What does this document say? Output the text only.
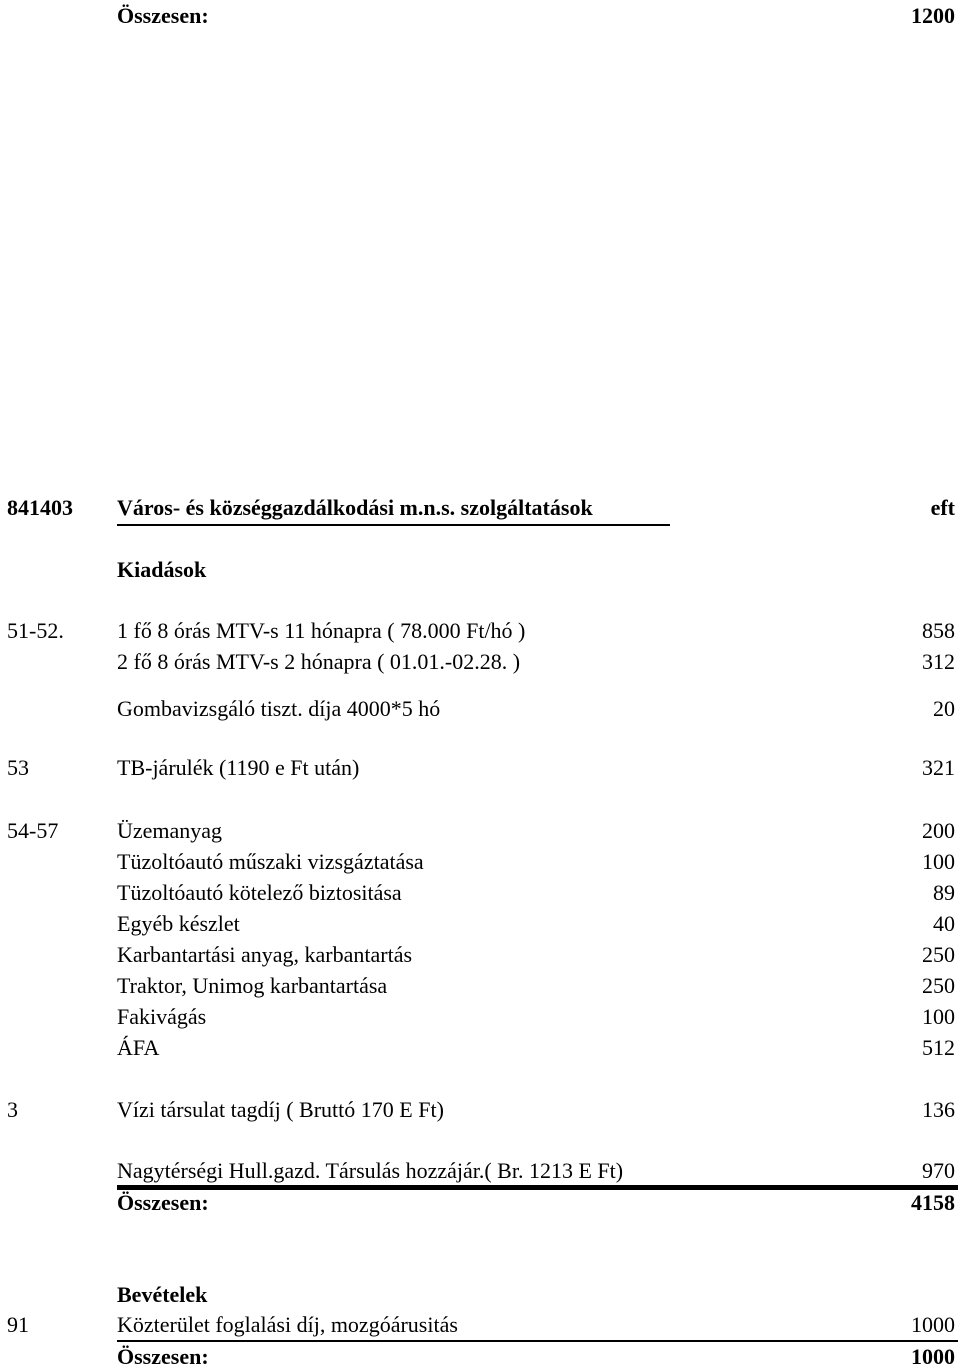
Összesen:	1200
841403 Város- és községgazdálkodási m.n.s. szolgáltatások	eft
Kiadások
51-52. 1 fő 8 órás MTV-s 11 hónapra ( 78.000 Ft/hó )	858
2 fő 8 órás MTV-s 2 hónapra ( 01.01.-02.28. )	312
Gombavizsgáló tiszt. díja 4000*5 hó	20
53	TB-járulék (1190 e Ft után)	321
54-57	Üzemanyag	200
Tüzoltóautó műszaki vizsgáztatása	100
Tüzoltóautó kötelező biztositása	89
Egyéb készlet	40
Karbantartási anyag, karbantartás	250
Traktor, Unimog karbantartása	250
Fakivágás	100
ÁFA	512
3	Vízi társulat tagdíj ( Bruttó 170 E Ft)	136
Nagytérségi Hull.gazd. Társulás hozzájár.( Br. 1213 E Ft)	970
Összesen:	4158
Bevételek
91	Közterület foglalási díj, mozgóárusitás	1000
Összesen:	1000
